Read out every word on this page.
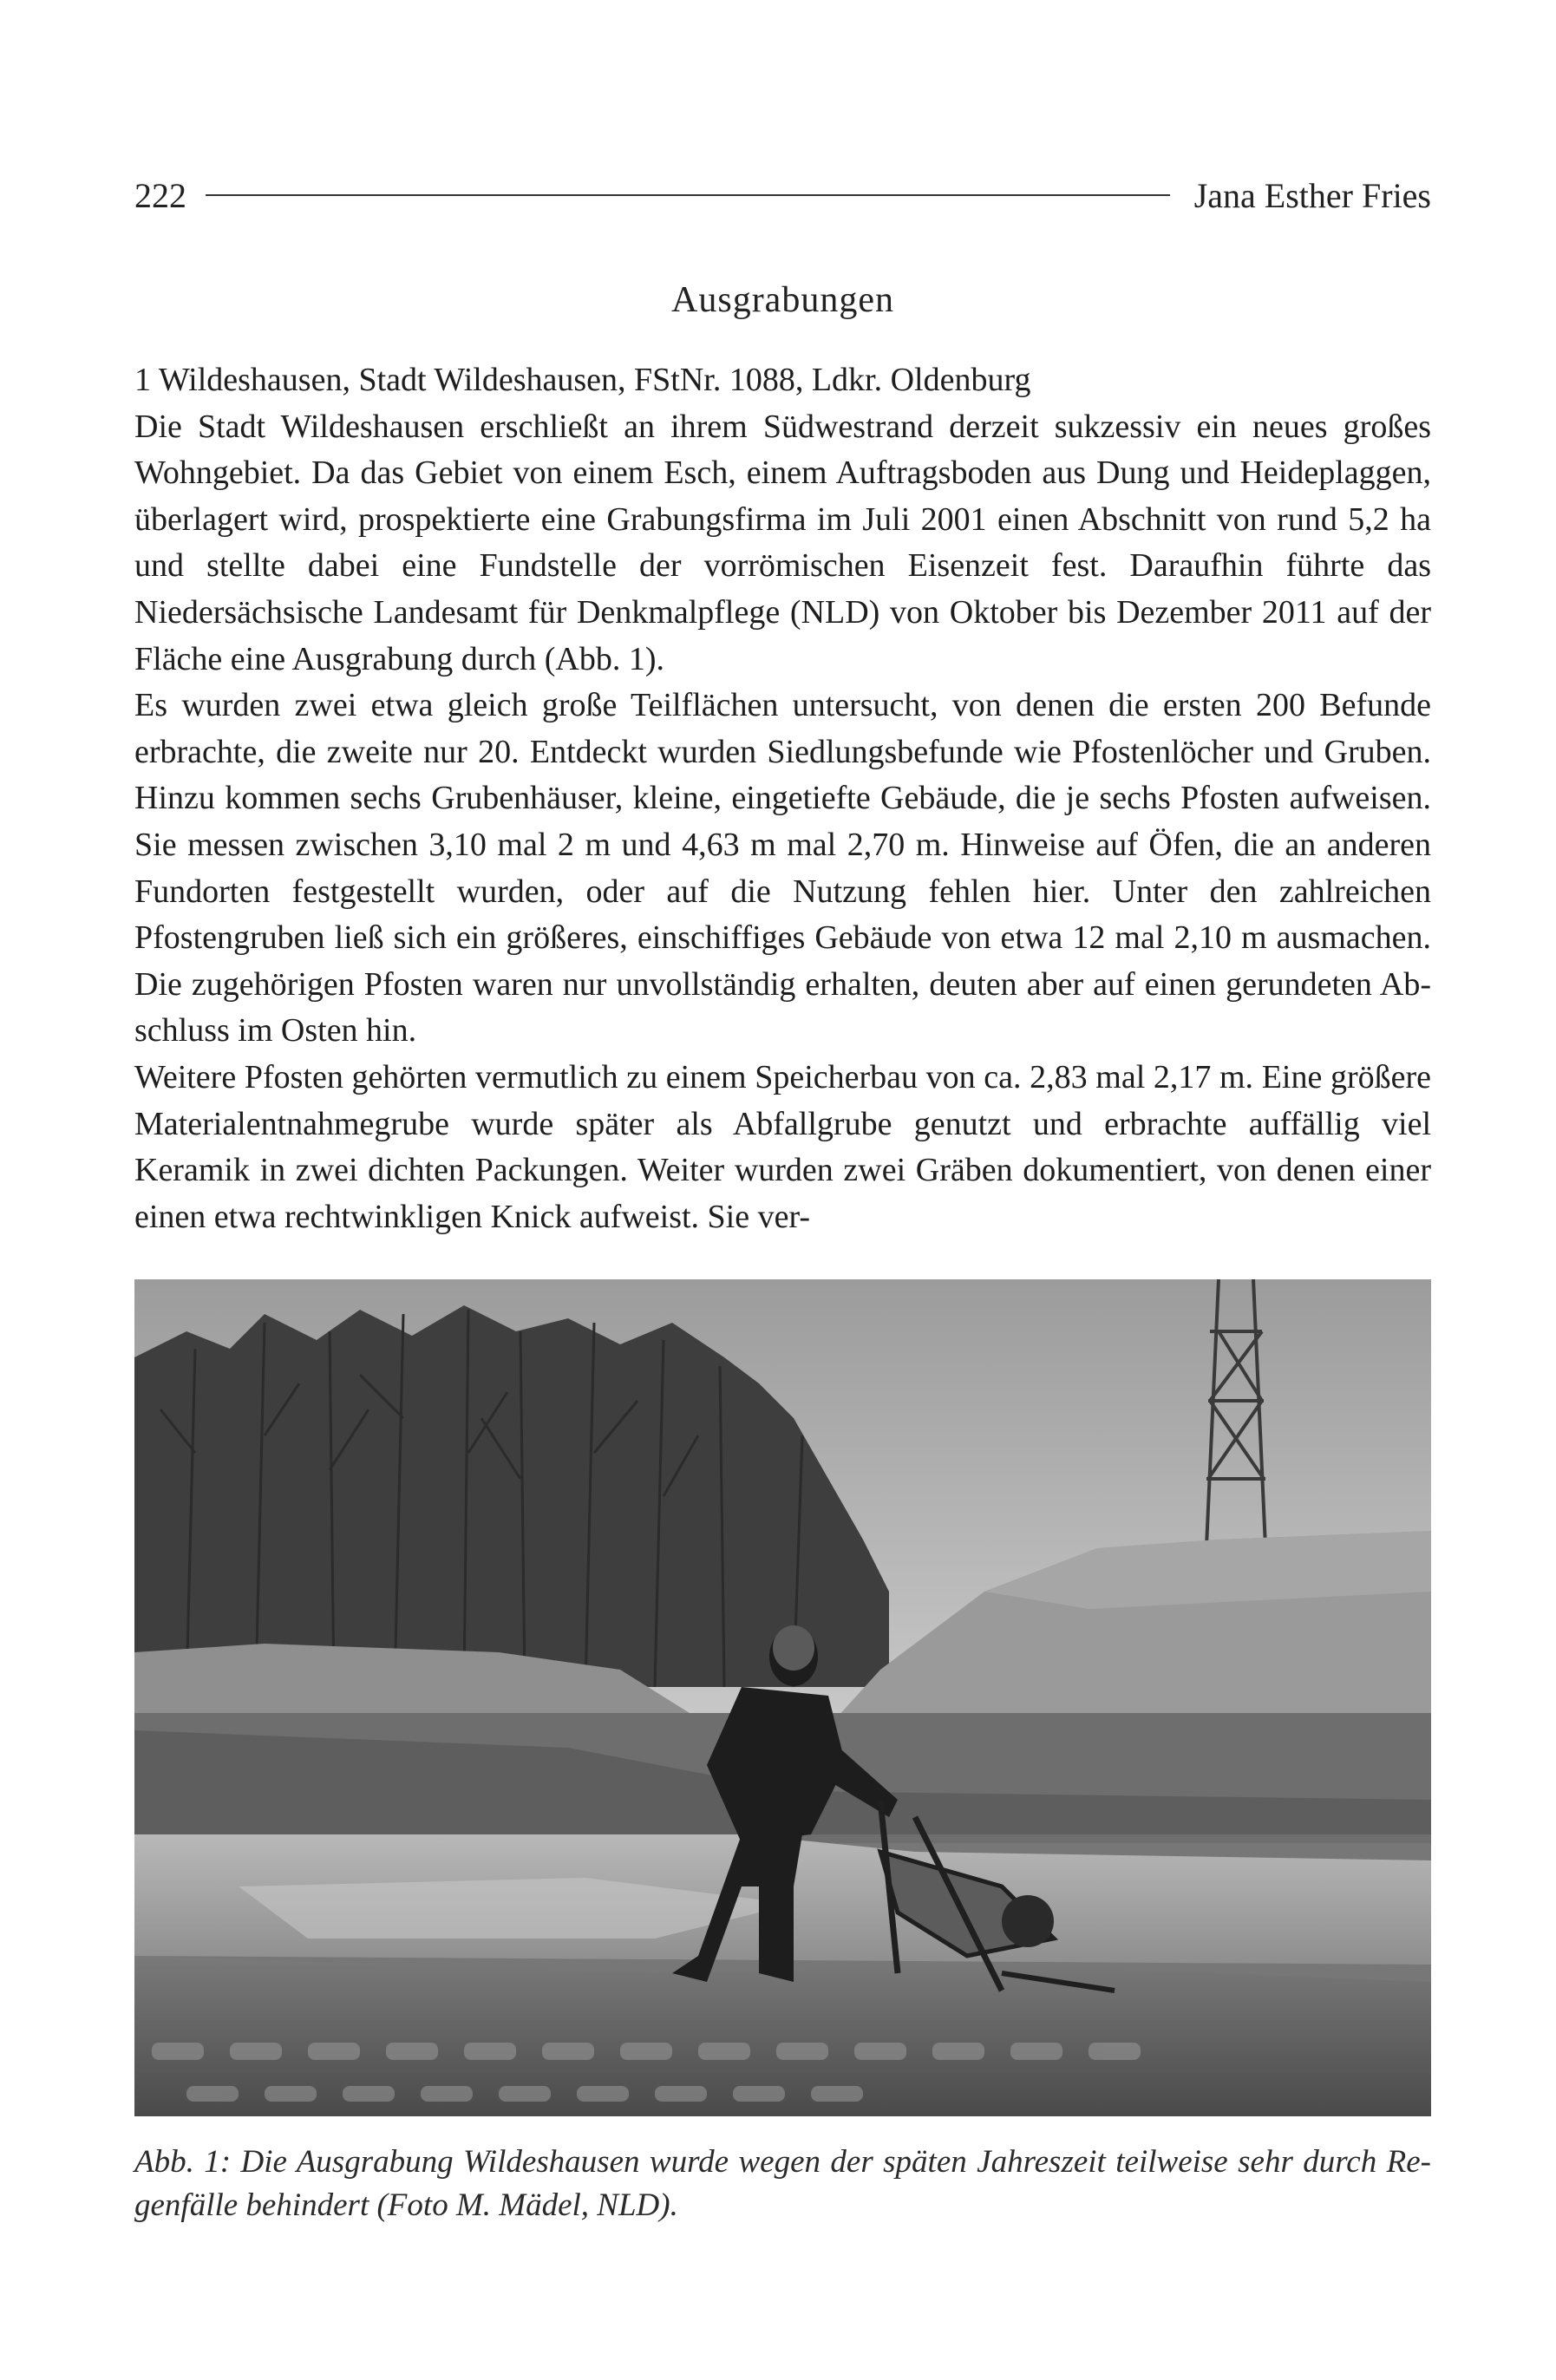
222	Jana Esther Fries
Ausgrabungen

1 Wildeshausen, Stadt Wildeshausen, FStNr. 1088, Ldkr. Oldenburg

Die Stadt Wildeshausen erschließt an ihrem Südwestrand derzeit sukzessiv ein neues großes Wohngebiet. Da das Gebiet von einem Esch, einem Auftragsboden aus Dung und Heideplaggen, überlagert wird, prospektierte eine Grabungsfirma im Juli 2001 einen Abschnitt von rund 5,2 ha und stellte dabei eine Fundstelle der vorrömischen Eisenzeit fest. Daraufhin führte das Niedersächsische Landesamt für Denkmalpflege (NLD) von Oktober bis Dezember 2011 auf der Fläche eine Ausgrabung durch (Abb. 1).

Es wurden zwei etwa gleich große Teilflächen untersucht, von denen die ersten 200 Befunde erbrachte, die zweite nur 20. Entdeckt wurden Siedlungsbefunde wie Pfostenlöcher und Gruben. Hinzu kommen sechs Grubenhäuser, kleine, eingetiefte Gebäude, die je sechs Pfosten aufweisen. Sie messen zwischen 3,10 mal 2 m und 4,63 m mal 2,70 m. Hinweise auf Öfen, die an anderen Fundorten festgestellt wurden, oder auf die Nutzung fehlen hier. Unter den zahlreichen Pfostengruben ließ sich ein größeres, einschiffiges Gebäude von etwa 12 mal 2,10 m ausmachen. Die zugehörigen Pfosten waren nur unvollständig erhalten, deuten aber auf einen gerundeten Abschluss im Osten hin.

Weitere Pfosten gehörten vermutlich zu einem Speicherbau von ca. 2,83 mal 2,17 m. Eine größere Materialentnahmegrube wurde später als Abfallgrube genutzt und erbrachte auffällig viel Keramik in zwei dichten Packungen. Weiter wurden zwei Gräben dokumentiert, von denen einer einen etwa rechtwinkligen Knick aufweist. Sie ver-

Abb. 1: Die Ausgrabung Wildeshausen wurde wegen der späten Jahreszeit teilweise sehr durch Regenfälle behindert (Foto M. Mädel, NLD).
